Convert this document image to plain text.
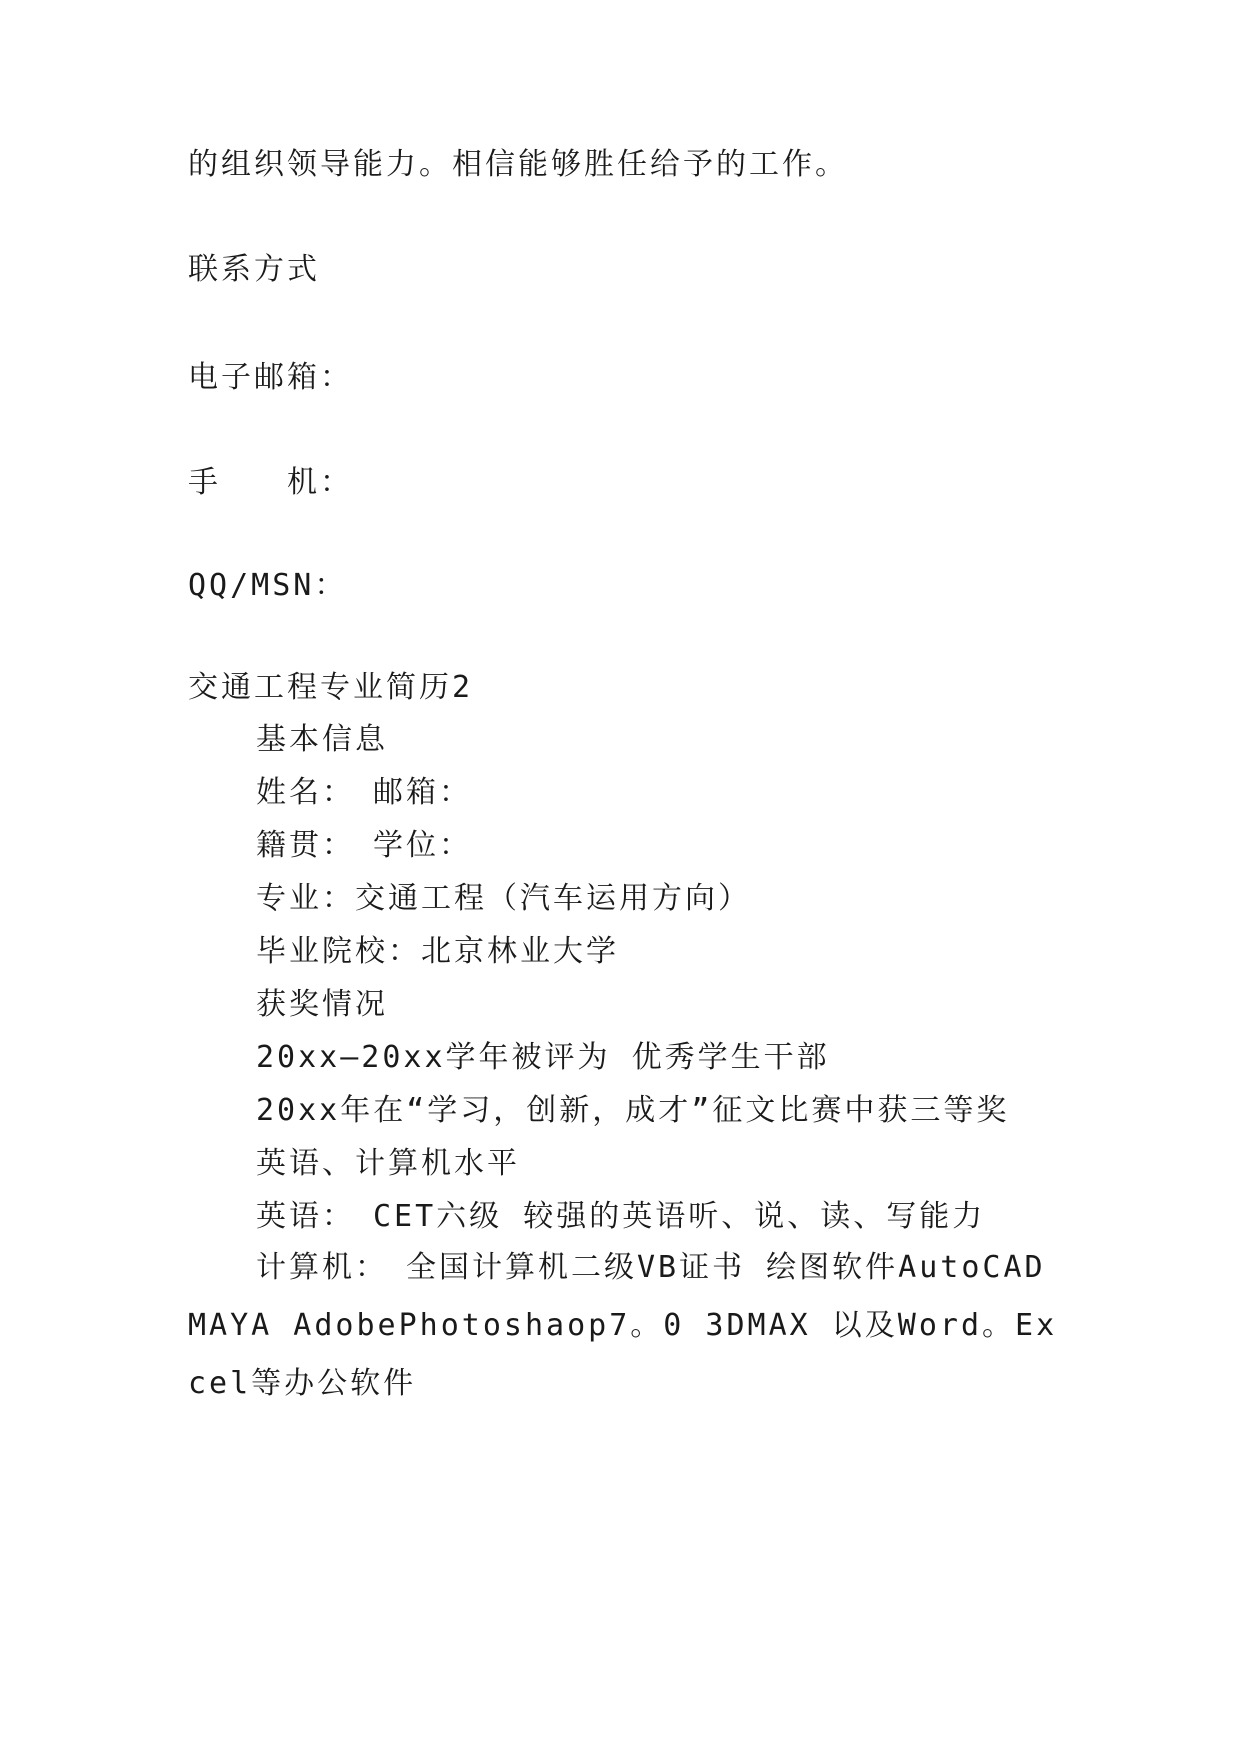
的组织领导能力。相信能够胜任给予的工作。
联系方式
电子邮箱：
手　　机：
QQ/MSN：
交通工程专业简历2
基本信息
姓名：　邮箱：
籍贯：　学位：
专业：交通工程（汽车运用方向）
毕业院校：北京林业大学
获奖情况
20xx—20xx学年被评为 优秀学生干部
20xx年在“学习，创新，成才”征文比赛中获三等奖
英语、计算机水平
英语：　CET六级 较强的英语听、说、读、写能力
计算机：　全国计算机二级VB证书 绘图软件AutoCAD MAYA AdobePhotoshaop7。0 3DMAX 以及Word。Excel等办公软件
